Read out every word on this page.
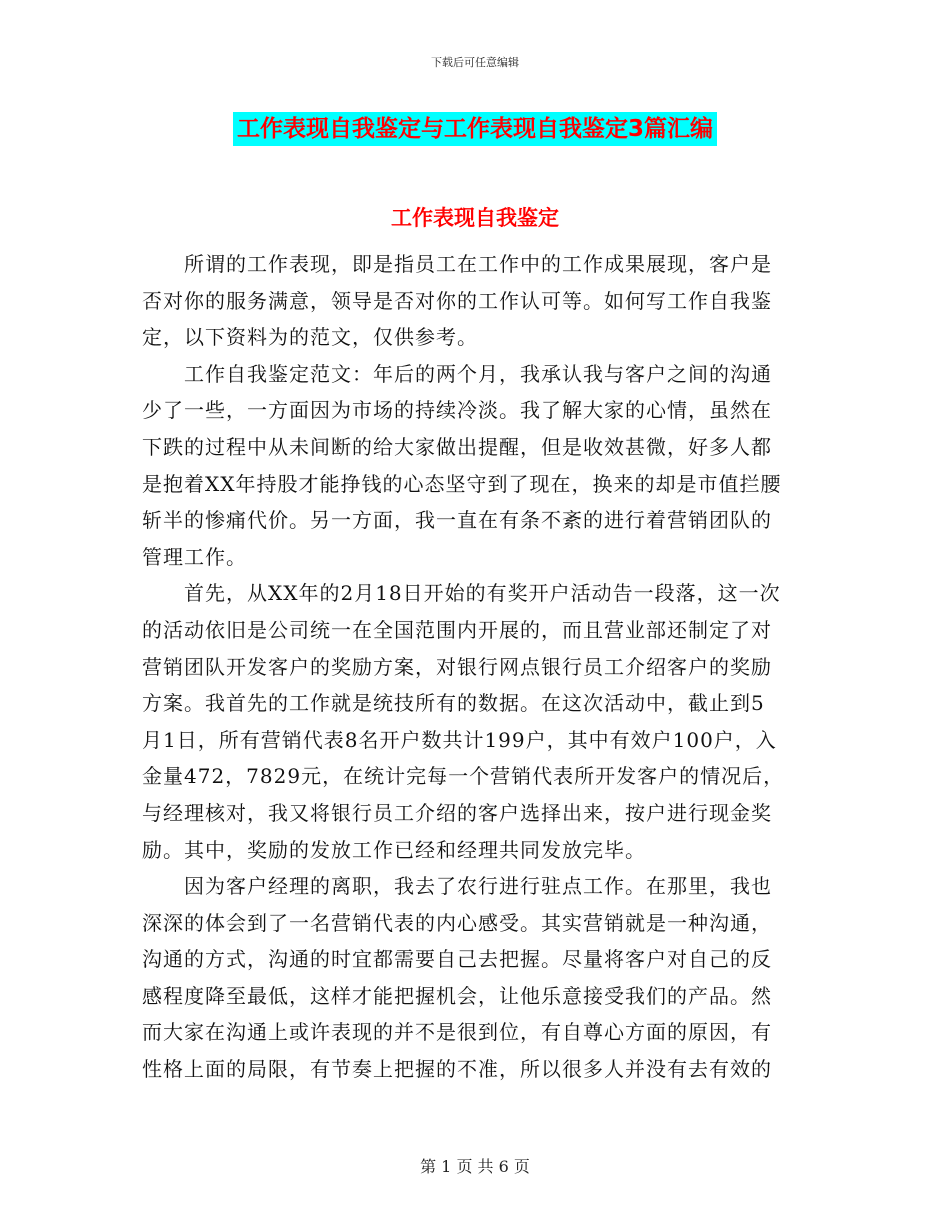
下载后可任意编辑
工作表现自我鉴定与工作表现自我鉴定3篇汇编
工作表现自我鉴定
　　所谓的工作表现，即是指员工在工作中的工作成果展现，客户是
否对你的服务满意，领导是否对你的工作认可等。如何写工作自我鉴
定，以下资料为的范文，仅供参考。
　　工作自我鉴定范文：年后的两个月，我承认我与客户之间的沟通
少了一些，一方面因为市场的持续冷淡。我了解大家的心情，虽然在
下跌的过程中从未间断的给大家做出提醒，但是收效甚微，好多人都
是抱着XX年持股才能挣钱的心态坚守到了现在，换来的却是市值拦腰
斩半的惨痛代价。另一方面，我一直在有条不紊的进行着营销团队的
管理工作。
　　首先，从XX年的2月18日开始的有奖开户活动告一段落，这一次
的活动依旧是公司统一在全国范围内开展的，而且营业部还制定了对
营销团队开发客户的奖励方案，对银行网点银行员工介绍客户的奖励
方案。我首先的工作就是统技所有的数据。在这次活动中，截止到5
月1日，所有营销代表8名开户数共计199户，其中有效户100户，入
金量472，7829元，在统计完每一个营销代表所开发客户的情况后，
与经理核对，我又将银行员工介绍的客户选择出来，按户进行现金奖
励。其中，奖励的发放工作已经和经理共同发放完毕。
　　因为客户经理的离职，我去了农行进行驻点工作。在那里，我也
深深的体会到了一名营销代表的内心感受。其实营销就是一种沟通，
沟通的方式，沟通的时宜都需要自己去把握。尽量将客户对自己的反
感程度降至最低，这样才能把握机会，让他乐意接受我们的产品。然
而大家在沟通上或许表现的并不是很到位，有自尊心方面的原因，有
性格上面的局限，有节奏上把握的不准，所以很多人并没有去有效的
第 1 页 共 6 页
